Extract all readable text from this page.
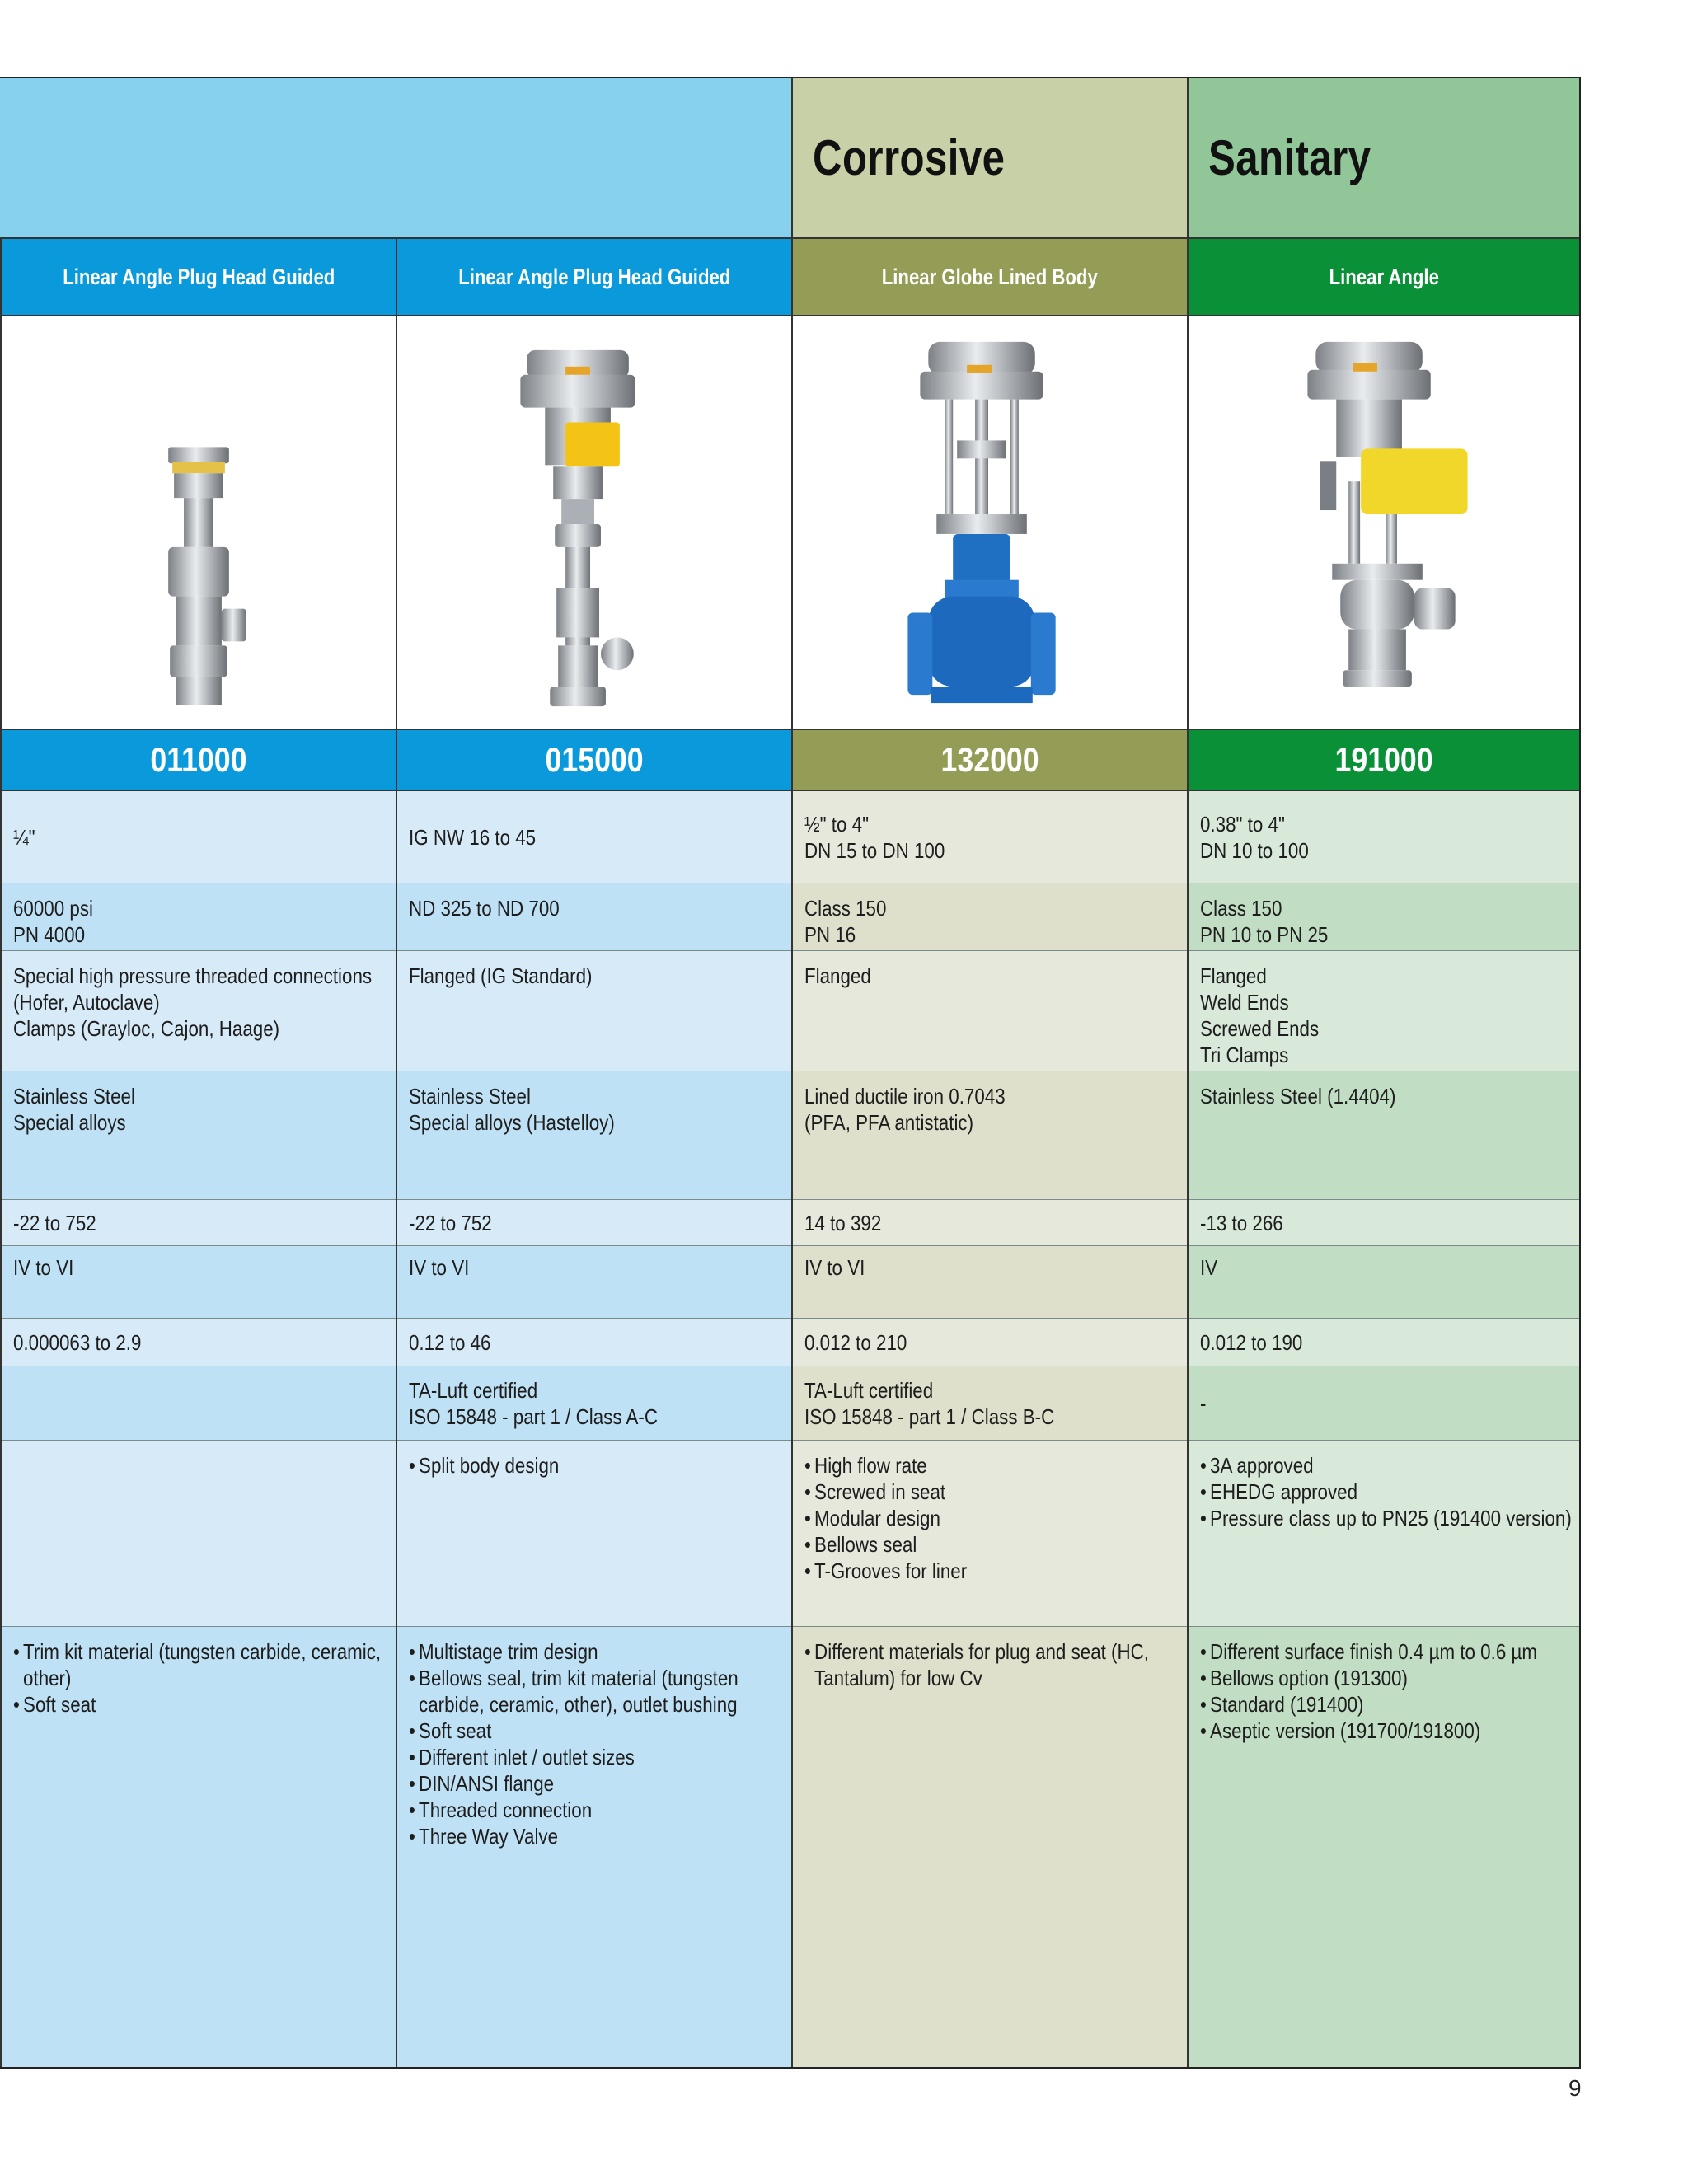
Corrosive	Sanitary
Linear Angle Plug Head Guided
011000
¼"
60000 psi
PN 4000
Special high pressure threaded connections
(Hofer, Autoclave)
Clamps (Grayloc, Cajon, Haage)
Stainless Steel
Special alloys
-22 to 752
IV to VI
0.000063 to 2.9
• Trim kit material (tungsten carbide, ceramic, other)
• Soft seat
Linear Angle Plug Head Guided
015000
IG NW 16 to 45
ND 325 to ND 700
Flanged (IG Standard)
Stainless Steel
Special alloys (Hastelloy)
-22 to 752
IV to VI
0.12 to 46
TA-Luft certified
ISO 15848 - part 1 / Class A-C
• Split body design
• Multistage trim design
• Bellows seal, trim kit material (tungsten carbide, ceramic, other), outlet bushing
• Soft seat
• Different inlet / outlet sizes
• DIN/ANSI flange
• Threaded connection
• Three Way Valve
Linear Globe Lined Body
132000
½" to 4"
DN 15 to DN 100
Class 150
PN 16
Flanged
Lined ductile iron 0.7043
(PFA, PFA antistatic)
14 to 392
IV to VI
0.012 to 210
TA-Luft certified
ISO 15848 - part 1 / Class B-C
• High flow rate
• Screwed in seat
• Modular design
• Bellows seal
• T-Grooves for liner
• Different materials for plug and seat (HC, Tantalum) for low Cv
Linear Angle
191000
0.38" to 4"
DN 10 to 100
Class 150
PN 10 to PN 25
Flanged
Weld Ends
Screwed Ends
Tri Clamps
Stainless Steel (1.4404)
-13 to 266
IV
0.012 to 190
-
• 3A approved
• EHEDG approved
• Pressure class up to PN25 (191400 version)
• Different surface finish 0.4 µm to 0.6 µm
• Bellows option (191300)
• Standard (191400)
• Aseptic version (191700/191800)
9
